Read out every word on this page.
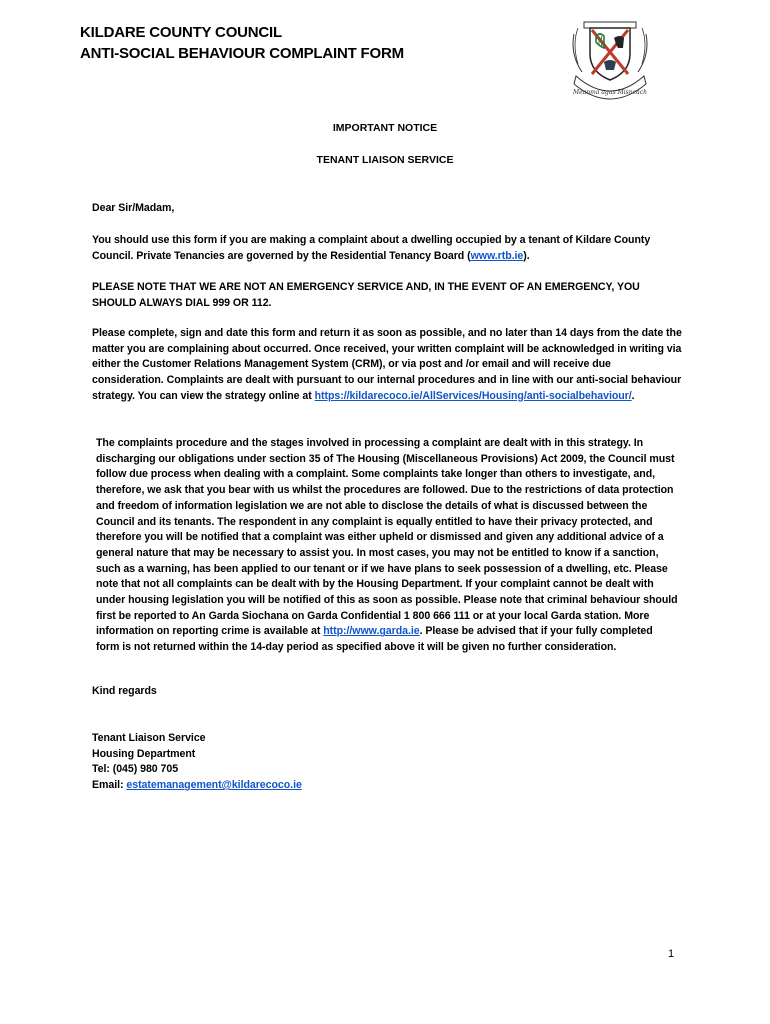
KILDARE COUNTY COUNCIL
ANTI-SOCIAL BEHAVIOUR COMPLAINT FORM
Meanma agus Misneach
IMPORTANT NOTICE
TENANT LIAISON SERVICE
Dear Sir/Madam,
You should use this form if you are making a complaint about a dwelling occupied by a tenant of Kildare County Council. Private Tenancies are governed by the Residential Tenancy Board (www.rtb.ie).
PLEASE NOTE THAT WE ARE NOT AN EMERGENCY SERVICE AND, IN THE EVENT OF AN EMERGENCY, YOU SHOULD ALWAYS DIAL 999 OR 112.
Please complete, sign and date this form and return it as soon as possible, and no later than 14 days from the date the matter you are complaining about occurred. Once received, your written complaint will be acknowledged in writing via either the Customer Relations Management System (CRM), or via post and /or email and will receive due consideration. Complaints are dealt with pursuant to our internal procedures and in line with our anti-social behaviour strategy. You can view the strategy online at https://kildarecoco.ie/AllServices/Housing/anti-socialbehaviour/.
The complaints procedure and the stages involved in processing a complaint are dealt with in this strategy. In discharging our obligations under section 35 of The Housing (Miscellaneous Provisions) Act 2009, the Council must follow due process when dealing with a complaint. Some complaints take longer than others to investigate, and, therefore, we ask that you bear with us whilst the procedures are followed. Due to the restrictions of data protection and freedom of information legislation we are not able to disclose the details of what is discussed between the Council and its tenants. The respondent in any complaint is equally entitled to have their privacy protected, and therefore you will be notified that a complaint was either upheld or dismissed and given any additional advice of a general nature that may be necessary to assist you. In most cases, you may not be entitled to know if a sanction, such as a warning, has been applied to our tenant or if we have plans to seek possession of a dwelling, etc. Please note that not all complaints can be dealt with by the Housing Department. If your complaint cannot be dealt with under housing legislation you will be notified of this as soon as possible. Please note that criminal behaviour should first be reported to An Garda Siochana on Garda Confidential 1 800 666 111 or at your local Garda station. More information on reporting crime is available at http://www.garda.ie. Please be advised that if your fully completed form is not returned within the 14-day period as specified above it will be given no further consideration.
Kind regards
Tenant Liaison Service
Housing Department
Tel: (045) 980 705
Email: estatemanagement@kildarecoco.ie
1
